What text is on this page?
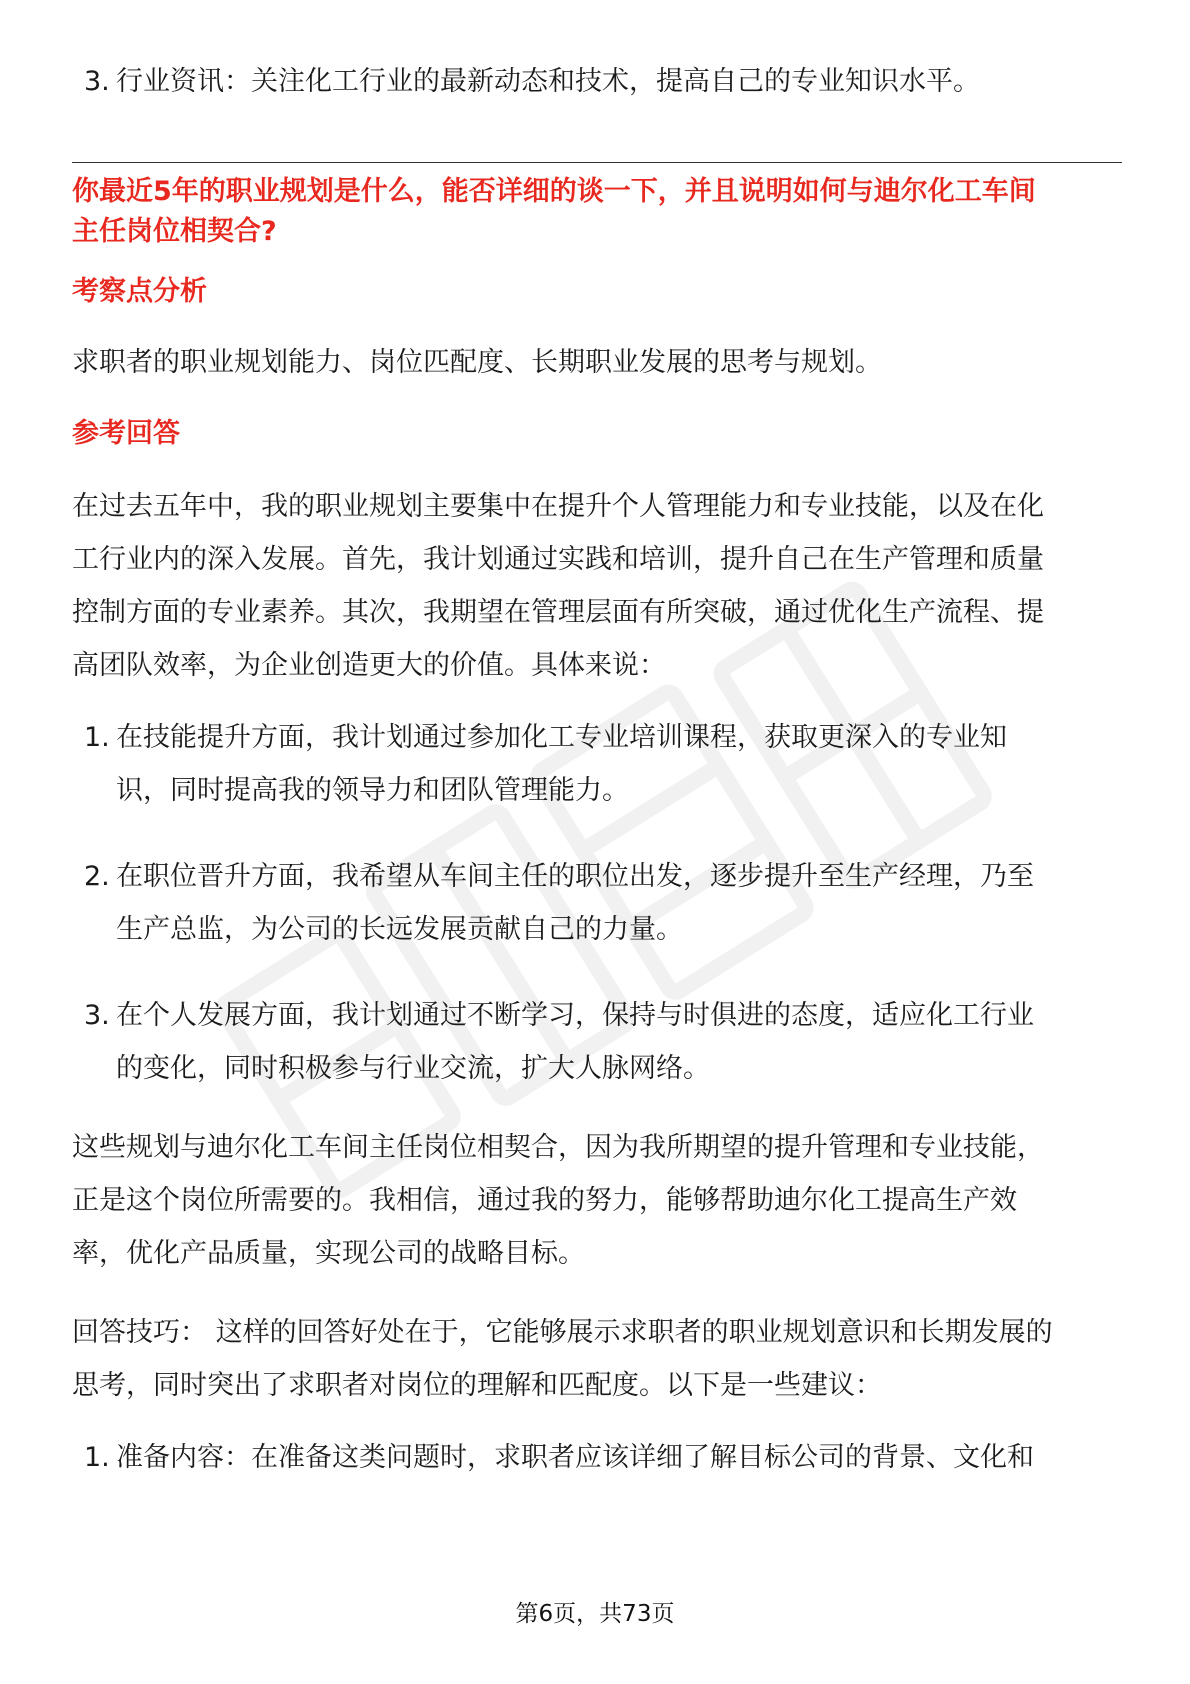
3. 行业资讯：关注化工行业的最新动态和技术，提高自己的专业知识水平。
你最近5年的职业规划是什么，能否详细的谈一下，并且说明如何与迪尔化工车间
主任岗位相契合?
考察点分析
求职者的职业规划能力、岗位匹配度、长期职业发展的思考与规划。
参考回答
在过去五年中，我的职业规划主要集中在提升个人管理能力和专业技能，以及在化
工行业内的深入发展。首先，我计划通过实践和培训，提升自己在生产管理和质量
控制方面的专业素养。其次，我期望在管理层面有所突破，通过优化生产流程、提
高团队效率，为企业创造更大的价值。具体来说：
1. 在技能提升方面，我计划通过参加化工专业培训课程，获取更深入的专业知
识，同时提高我的领导力和团队管理能力。
2. 在职位晋升方面，我希望从车间主任的职位出发，逐步提升至生产经理，乃至
生产总监，为公司的长远发展贡献自己的力量。
3. 在个人发展方面，我计划通过不断学习，保持与时俱进的态度，适应化工行业
的变化，同时积极参与行业交流，扩大人脉网络。
这些规划与迪尔化工车间主任岗位相契合，因为我所期望的提升管理和专业技能，
正是这个岗位所需要的。我相信，通过我的努力，能够帮助迪尔化工提高生产效
率，优化产品质量，实现公司的战略目标。
回答技巧： 这样的回答好处在于，它能够展示求职者的职业规划意识和长期发展的
思考，同时突出了求职者对岗位的理解和匹配度。以下是一些建议：
1. 准备内容：在准备这类问题时，求职者应该详细了解目标公司的背景、文化和
第6页，共73页
